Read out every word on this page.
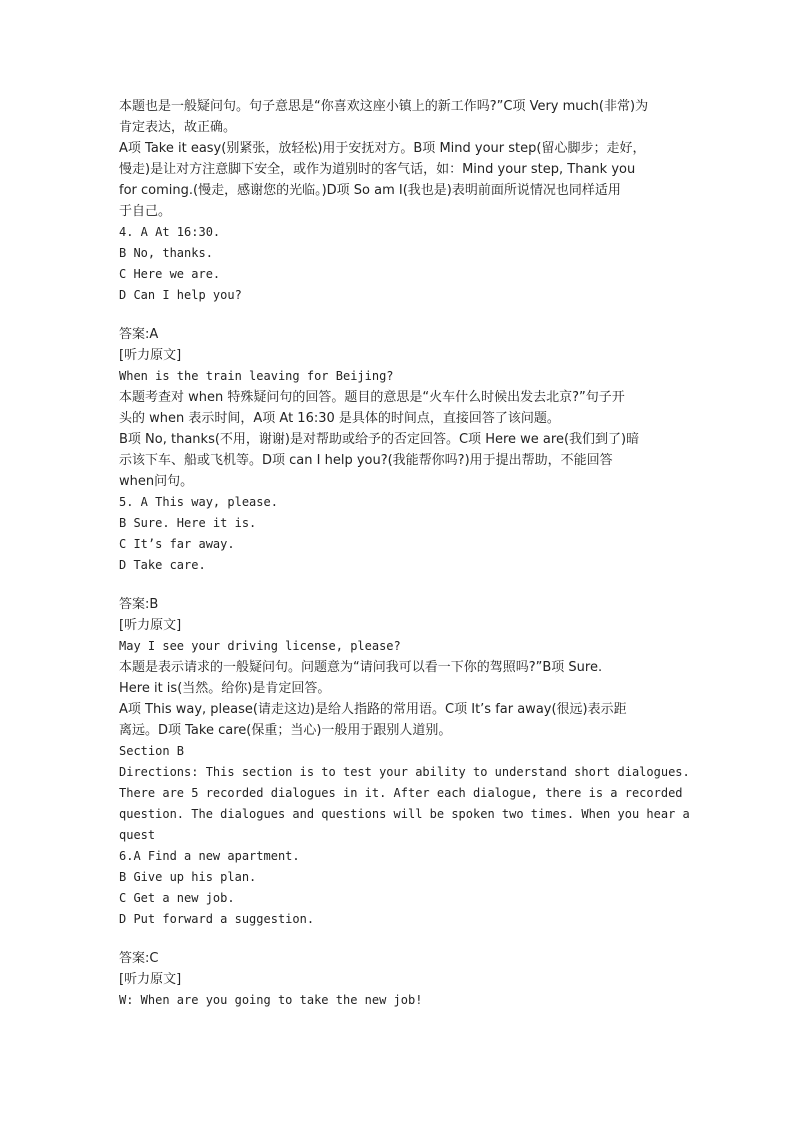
本题也是一般疑问句。句子意思是“你喜欢这座小镇上的新工作吗?”C项 Very much(非常)为
肯定表达，故正确。
A项 Take it easy(别紧张，放轻松)用于安抚对方。B项 Mind your step(留心脚步；走好，
慢走)是让对方注意脚下安全，或作为道别时的客气话，如：Mind your step, Thank you
for coming.(慢走，感谢您的光临。)D项 So am I(我也是)表明前面所说情况也同样适用
于自己。
4. A At 16:30.
B No, thanks.
C Here we are.
D Can I help you?
答案:A
[听力原文]
When is the train leaving for Beijing?
本题考查对 when 特殊疑问句的回答。题目的意思是“火车什么时候出发去北京?”句子开
头的 when 表示时间，A项 At 16:30 是具体的时间点，直接回答了该问题。
B项 No, thanks(不用，谢谢)是对帮助或给予的否定回答。C项 Here we are(我们到了)暗
示该下车、船或飞机等。D项 can I help you?(我能帮你吗?)用于提出帮助，不能回答
when问句。
5. A This way, please.
B Sure. Here it is.
C It’s far away.
D Take care.
答案:B
[听力原文]
May I see your driving license, please?
本题是表示请求的一般疑问句。问题意为“请问我可以看一下你的驾照吗?”B项 Sure.
Here it is(当然。给你)是肯定回答。
A项 This way, please(请走这边)是给人指路的常用语。C项 It’s far away(很远)表示距
离远。D项 Take care(保重；当心)一般用于跟别人道别。
Section B
Directions: This section is to test your ability to understand short dialogues.
There are 5 recorded dialogues in it. After each dialogue, there is a recorded
question. The dialogues and questions will be spoken two times. When you hear a
quest
6.A Find a new apartment.
B Give up his plan.
C Get a new job.
D Put forward a suggestion.
答案:C
[听力原文]
W: When are you going to take the new job!
